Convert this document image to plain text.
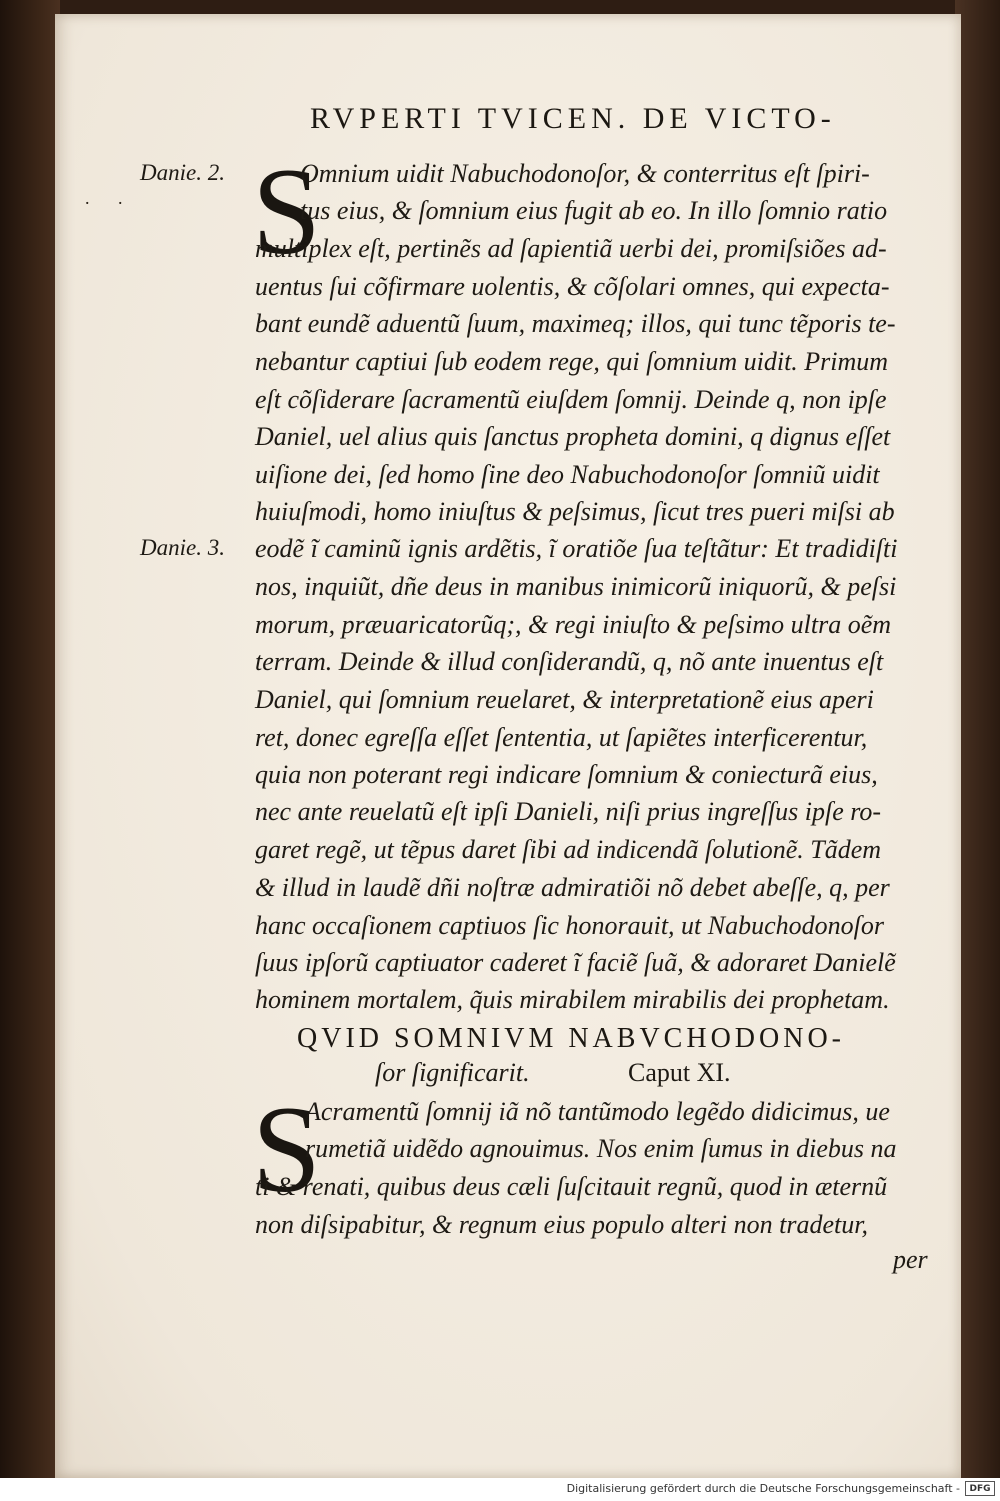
RVPERTI TVICEN. DE VICTO-
. .
Danie. 2.
Danie. 3.
S
Omnium uidit Nabuchodonoſor, & conterritus eſt ſpiri-
tus eius, & ſomnium eius fugit ab eo. In illo ſomnio ratio
multiplex eſt, pertinẽs ad ſapientiã uerbi dei, promiſsiões ad-
uentus ſui cõfirmare uolentis, & cõſolari omnes, qui expecta-
bant eundẽ aduentũ ſuum, maximeq; illos, qui tunc tẽporis te-
nebantur captiui ſub eodem rege, qui ſomnium uidit. Primum
eſt cõſiderare ſacramentũ eiuſdem ſomnij. Deinde q, non ipſe
Daniel, uel alius quis ſanctus propheta domini, q dignus eſſet
uiſione dei, ſed homo ſine deo Nabuchodonoſor ſomniũ uidit
huiuſmodi, homo iniuſtus & peſsimus, ſicut tres pueri miſsi ab
eodẽ ĩ caminũ ignis ardẽtis, ĩ oratiõe ſua teſtãtur: Et tradidiſti
nos, inquiũt, dñe deus in manibus inimicorũ iniquorũ, & peſsi
morum, præuaricatorũq;, & regi iniuſto & peſsimo ultra oẽm
terram. Deinde & illud conſiderandũ, q, nõ ante inuentus eſt
Daniel, qui ſomnium reuelaret, & interpretationẽ eius aperi
ret, donec egreſſa eſſet ſententia, ut ſapiẽtes interficerentur,
quia non poterant regi indicare ſomnium & coniecturã eius,
nec ante reuelatũ eſt ipſi Danieli, niſi prius ingreſſus ipſe ro-
garet regẽ, ut tẽpus daret ſibi ad indicendã ſolutionẽ. Tãdem
& illud in laudẽ dñi noſtræ admiratiõi nõ debet abeſſe, q, per
hanc occaſionem captiuos ſic honorauit, ut Nabuchodonoſor
ſuus ipſorũ captiuator caderet ĩ faciẽ ſuã, & adoraret Danielẽ
hominem mortalem, q̃uis mirabilem mirabilis dei prophetam.
QVID SOMNIVM NABVCHODONO-
ſor ſignificarit.	Caput XI.
S
Acramentũ ſomnij iã nõ tantũmodo legẽdo didicimus, ue
rumetiã uidẽdo agnouimus. Nos enim ſumus in diebus na
ti & renati, quibus deus cæli ſuſcitauit regnũ, quod in æternũ
non diſsipabitur, & regnum eius populo alteri non tradetur,
per
Digitalisierung gefördert durch die Deutsche Forschungsgemeinschaft -	DFG
